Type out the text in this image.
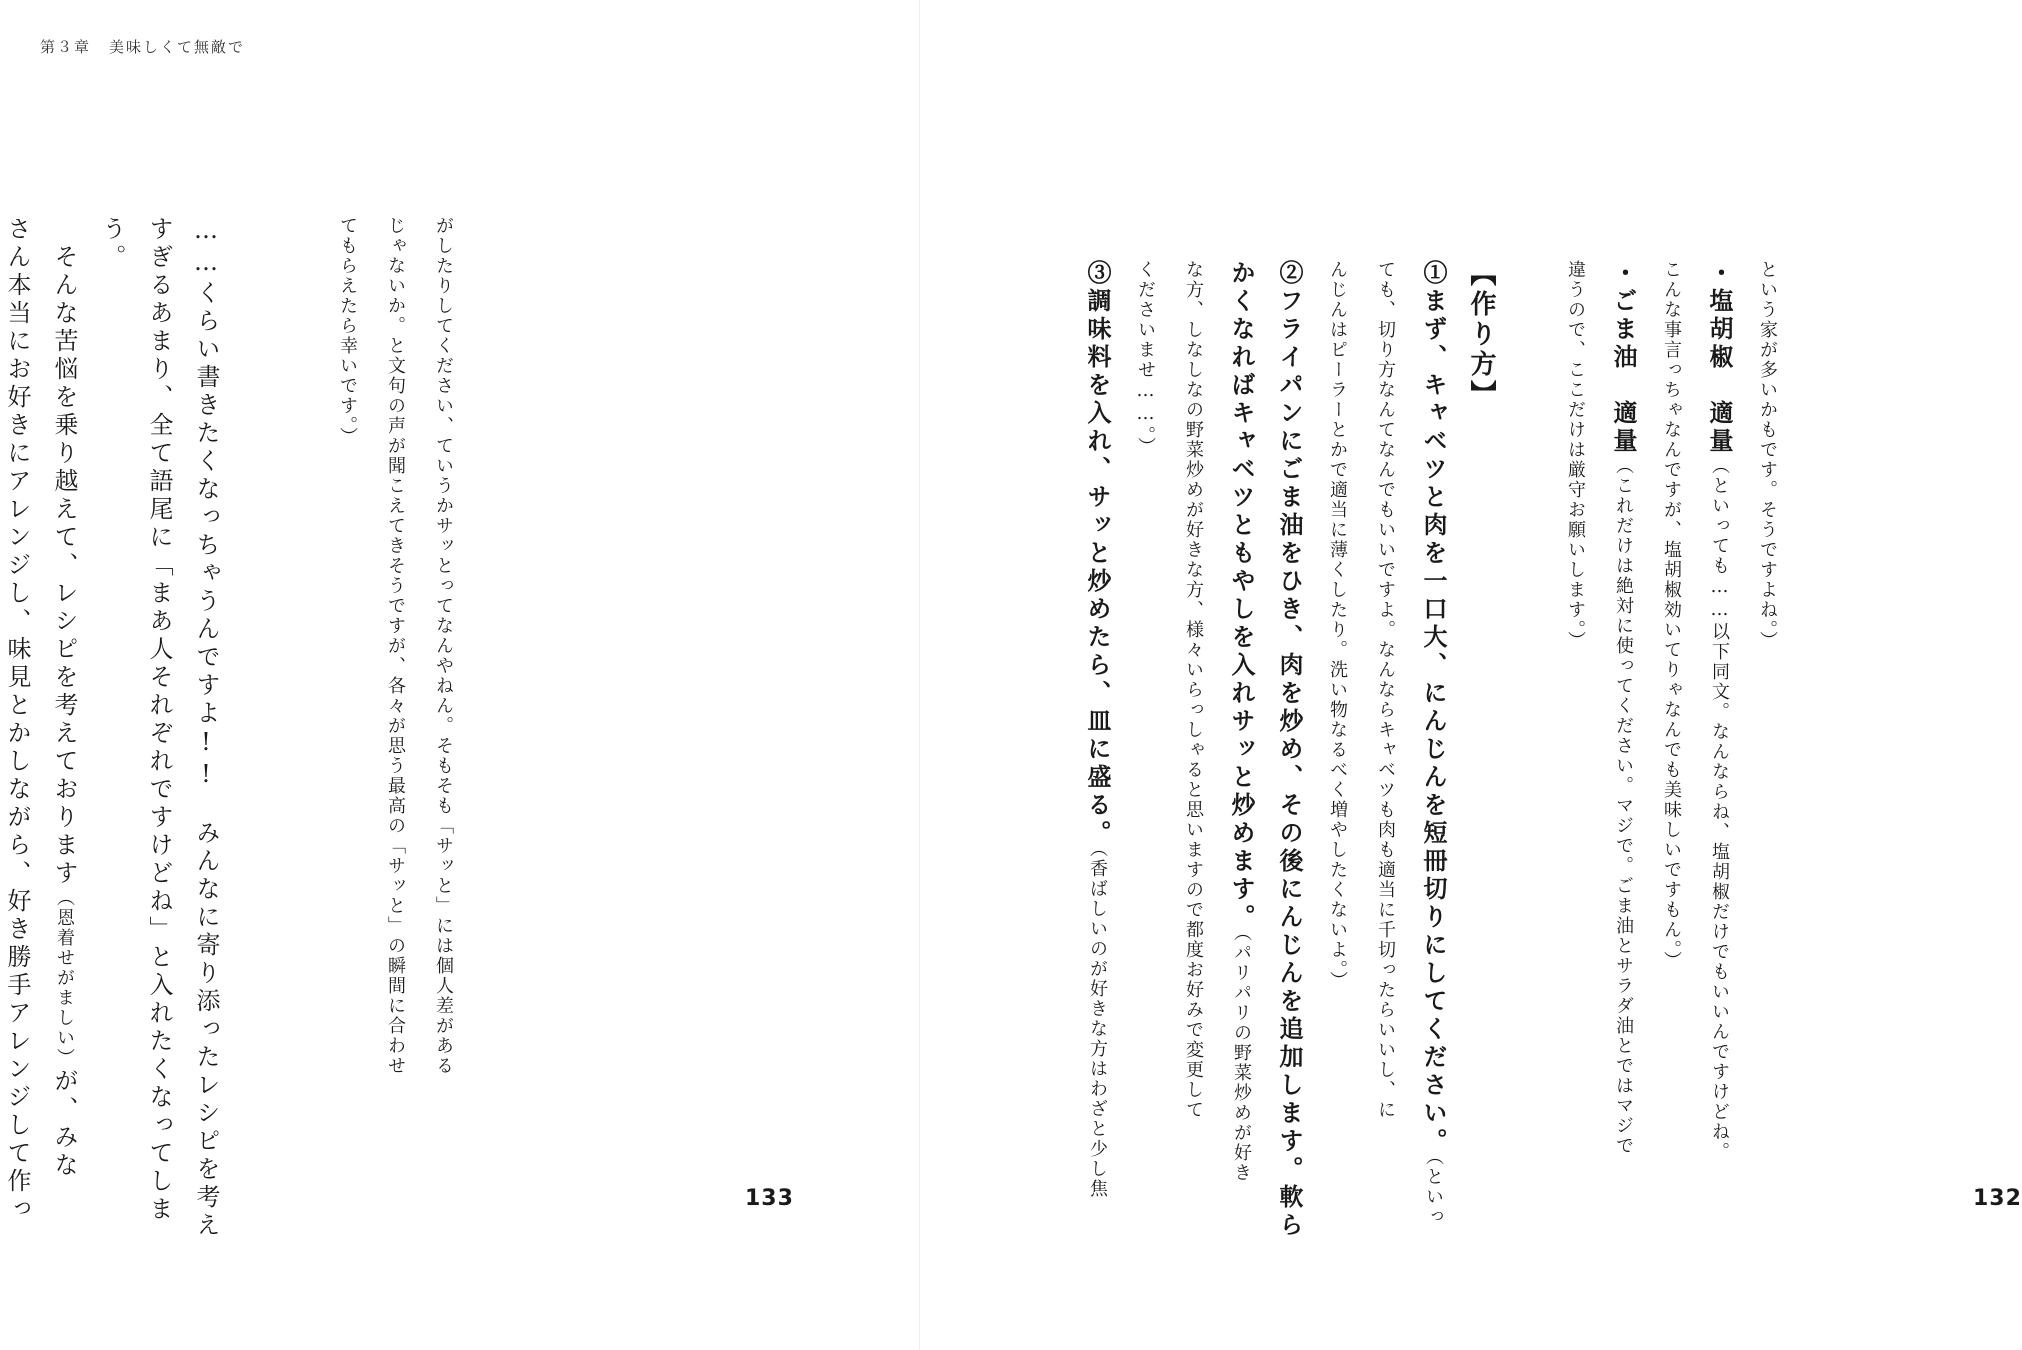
第３章 美味しくて無敵で
という家が多いかもです。そうですよね。）
・塩胡椒　適量（といっても……以下同文。なんならね、塩胡椒だけでもいいんですけどね。
こんな事言っちゃなんですが、塩胡椒効いてりゃなんでも美味しいですもん。）
・ごま油　適量（これだけは絶対に使ってください。マジで。ごま油とサラダ油とではマジで
違うので、ここだけは厳守お願いします。）

【作り方】
①まず、キャベツと肉を一口大、にんじんを短冊切りにしてください。（といっ
ても、切り方なんてなんでもいいですよ。なんならキャベツも肉も適当に千切ったらいいし、に
んじんはピーラーとかで適当に薄くしたり。洗い物なるべく増やしたくないよ。）
②フライパンにごま油をひき、肉を炒め、その後にんじんを追加します。軟ら
かくなればキャベツともやしを入れサッと炒めます。（パリパリの野菜炒めが好き
な方、しなしなの野菜炒めが好きな方、様々いらっしゃると思いますので都度お好みで変更して
くださいませ……。）
③調味料を入れ、サッと炒めたら、皿に盛る。（香ばしいのが好きな方はわざと少し焦	132
がしたりしてください、ていうかサッとってなんやねん。そもそも「サッと」には個人差がある
じゃないか。と文句の声が聞こえてきそうですが、各々が思う最高の「サッと」の瞬間に合わせ
てもらえたら幸いです。）

……くらい書きたくなっちゃうんですよ!!　みんなに寄り添ったレシピを考え
すぎるあまり、全て語尾に「まあ人それぞれですけどね」と入れたくなってしま
う。
　そんな苦悩を乗り越えて、レシピを考えております（恩着せがましい）が、みな
さん本当にお好きにアレンジし、味見とかしながら、好き勝手アレンジして作っ	133
